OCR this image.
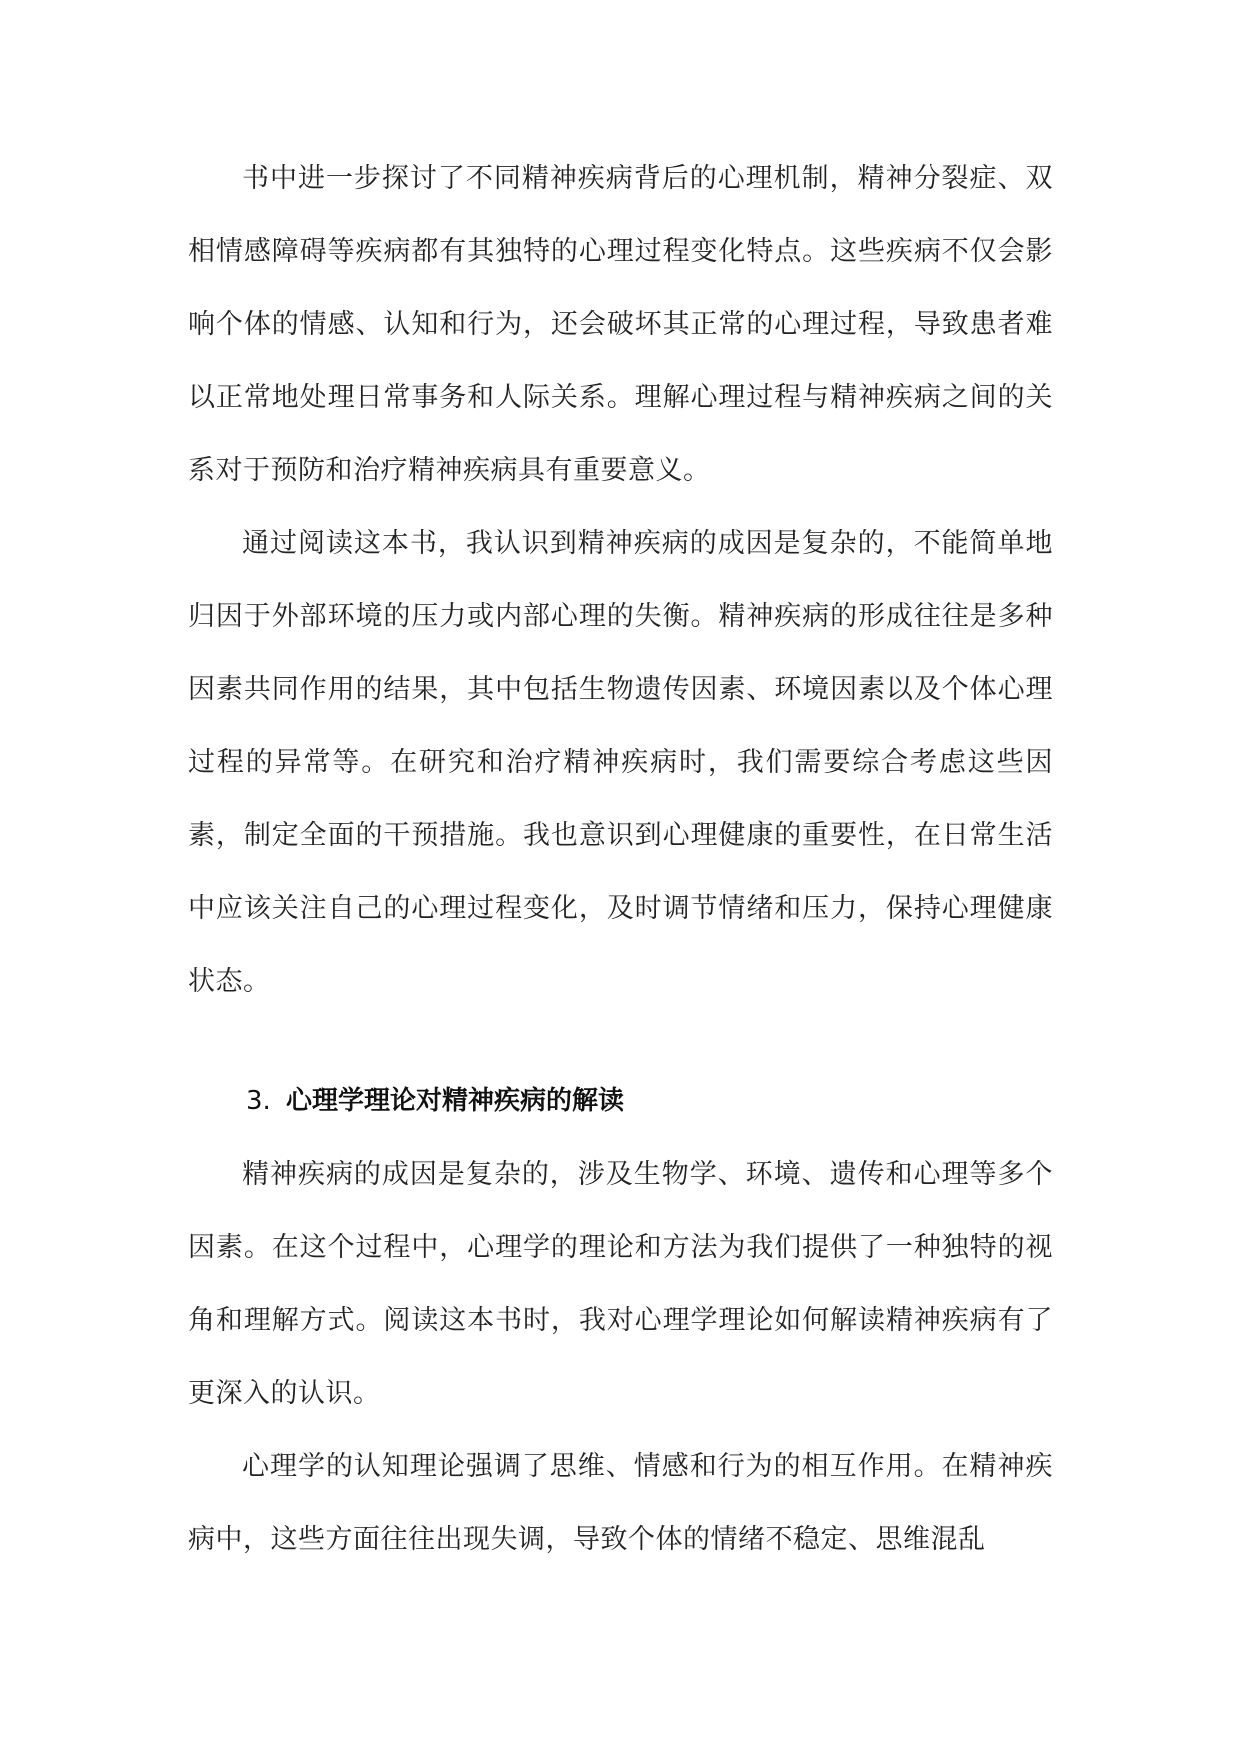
书中进一步探讨了不同精神疾病背后的心理机制，精神分裂症、双相情感障碍等疾病都有其独特的心理过程变化特点。这些疾病不仅会影响个体的情感、认知和行为，还会破坏其正常的心理过程，导致患者难以正常地处理日常事务和人际关系。理解心理过程与精神疾病之间的关系对于预防和治疗精神疾病具有重要意义。

通过阅读这本书，我认识到精神疾病的成因是复杂的，不能简单地归因于外部环境的压力或内部心理的失衡。精神疾病的形成往往是多种因素共同作用的结果，其中包括生物遗传因素、环境因素以及个体心理过程的异常等。在研究和治疗精神疾病时，我们需要综合考虑这些因素，制定全面的干预措施。我也意识到心理健康的重要性，在日常生活中应该关注自己的心理过程变化，及时调节情绪和压力，保持心理健康状态。

3. 心理学理论对精神疾病的解读

精神疾病的成因是复杂的，涉及生物学、环境、遗传和心理等多个因素。在这个过程中，心理学的理论和方法为我们提供了一种独特的视角和理解方式。阅读这本书时，我对心理学理论如何解读精神疾病有了更深入的认识。

心理学的认知理论强调了思维、情感和行为的相互作用。在精神疾病中，这些方面往往出现失调，导致个体的情绪不稳定、思维混乱
